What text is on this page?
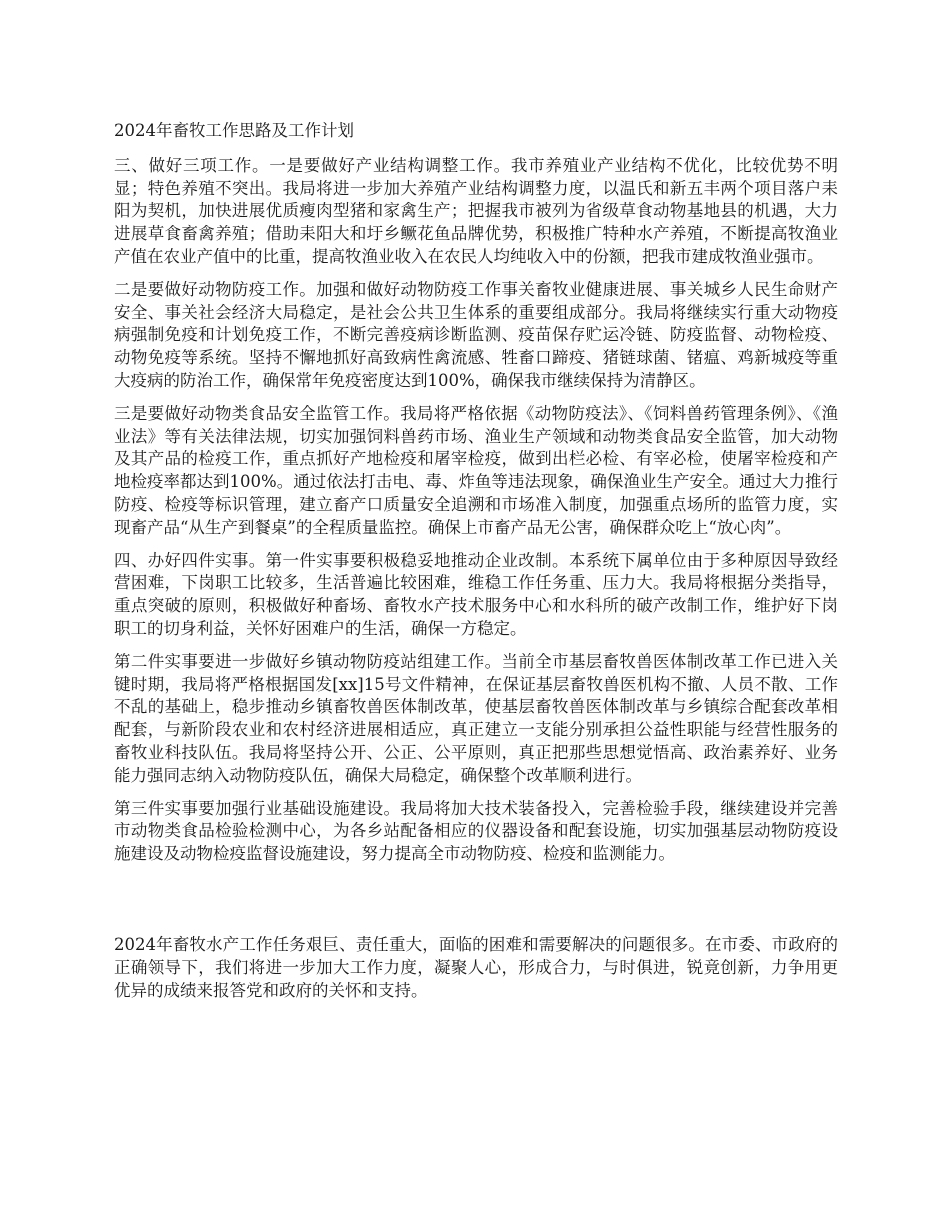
2024年畜牧工作思路及工作计划

三、做好三项工作。一是要做好产业结构调整工作。我市养殖业产业结构不优化，比较优势不明显；特色养殖不突出。我局将进一步加大养殖产业结构调整力度，以温氏和新五丰两个项目落户耒阳为契机，加快进展优质瘦肉型猪和家禽生产；把握我市被列为省级草食动物基地县的机遇，大力进展草食畜禽养殖；借助耒阳大和圩乡鳜花鱼品牌优势，积极推广特种水产养殖，不断提高牧渔业产值在农业产值中的比重，提高牧渔业收入在农民人均纯收入中的份额，把我市建成牧渔业强市。

二是要做好动物防疫工作。加强和做好动物防疫工作事关畜牧业健康进展、事关城乡人民生命财产安全、事关社会经济大局稳定，是社会公共卫生体系的重要组成部分。我局将继续实行重大动物疫病强制免疫和计划免疫工作，不断完善疫病诊断监测、疫苗保存贮运冷链、防疫监督、动物检疫、动物免疫等系统。坚持不懈地抓好高致病性禽流感、牲畜口蹄疫、猪链球菌、锗瘟、鸡新城疫等重大疫病的防治工作，确保常年免疫密度达到100%，确保我市继续保持为清静区。

三是要做好动物类食品安全监管工作。我局将严格依据《动物防疫法》、《饲料兽药管理条例》、《渔业法》等有关法律法规，切实加强饲料兽药市场、渔业生产领域和动物类食品安全监管，加大动物及其产品的检疫工作，重点抓好产地检疫和屠宰检疫，做到出栏必检、有宰必检，使屠宰检疫和产地检疫率都达到100%。通过依法打击电、毒、炸鱼等违法现象，确保渔业生产安全。通过大力推行防疫、检疫等标识管理，建立畜产口质量安全追溯和市场准入制度，加强重点场所的监管力度，实现畜产品“从生产到餐桌”的全程质量监控。确保上市畜产品无公害，确保群众吃上“放心肉”。

四、办好四件实事。第一件实事要积极稳妥地推动企业改制。本系统下属单位由于多种原因导致经营困难，下岗职工比较多，生活普遍比较困难，维稳工作任务重、压力大。我局将根据分类指导，重点突破的原则，积极做好种畜场、畜牧水产技术服务中心和水科所的破产改制工作，维护好下岗职工的切身利益，关怀好困难户的生活，确保一方稳定。

第二件实事要进一步做好乡镇动物防疫站组建工作。当前全市基层畜牧兽医体制改革工作已进入关键时期，我局将严格根据国发[xx]15号文件精神，在保证基层畜牧兽医机构不撤、人员不散、工作不乱的基础上，稳步推动乡镇畜牧兽医体制改革，使基层畜牧兽医体制改革与乡镇综合配套改革相配套，与新阶段农业和农村经济进展相适应，真正建立一支能分别承担公益性职能与经营性服务的畜牧业科技队伍。我局将坚持公开、公正、公平原则，真正把那些思想觉悟高、政治素养好、业务能力强同志纳入动物防疫队伍，确保大局稳定，确保整个改革顺利进行。

第三件实事要加强行业基础设施建设。我局将加大技术装备投入，完善检验手段，继续建设并完善市动物类食品检验检测中心，为各乡站配备相应的仪器设备和配套设施，切实加强基层动物防疫设施建设及动物检疫监督设施建设，努力提高全市动物防疫、检疫和监测能力。

2024年畜牧水产工作任务艰巨、责任重大，面临的困难和需要解决的问题很多。在市委、市政府的正确领导下，我们将进一步加大工作力度，凝聚人心，形成合力，与时俱进，锐竟创新，力争用更优异的成绩来报答党和政府的关怀和支持。
